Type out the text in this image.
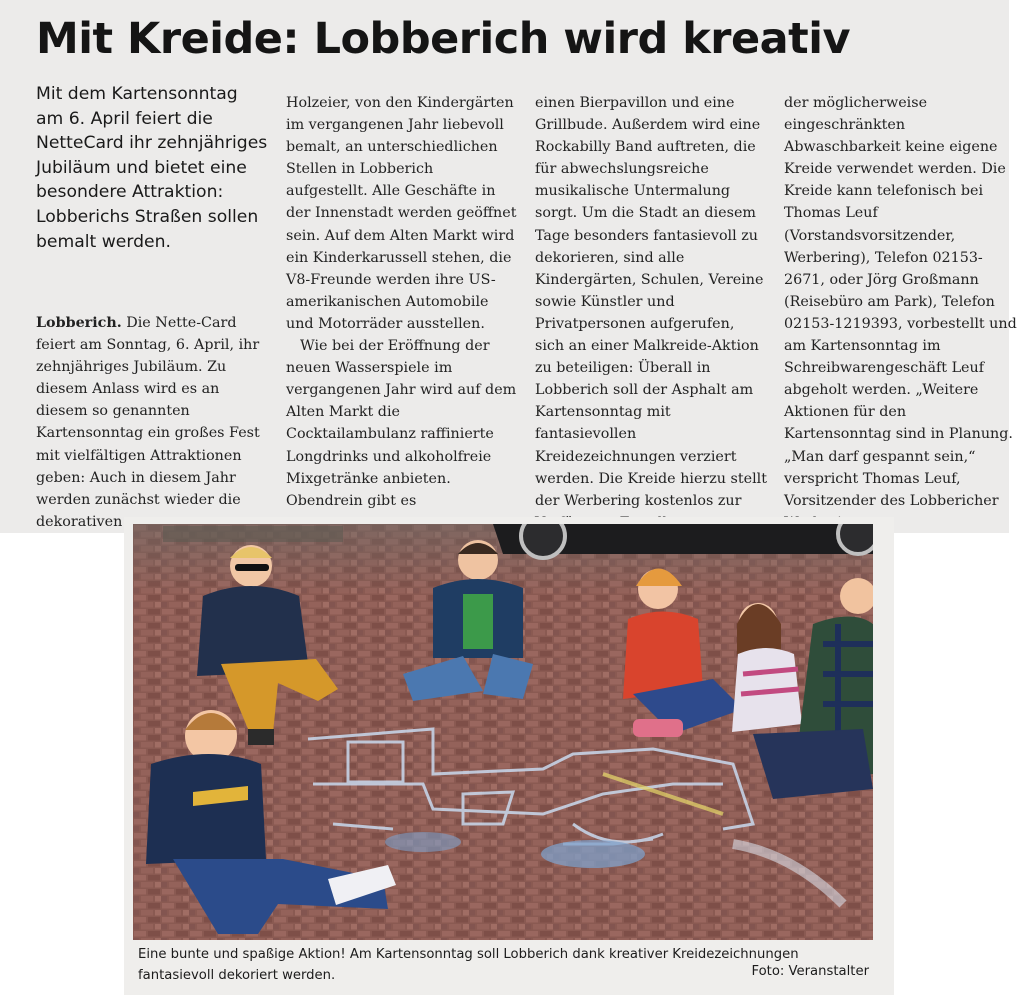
Mit Kreide: Lobberich wird kreativ
Mit dem Kartensonntag am 6. April feiert die NetteCard ihr zehnjähriges Jubiläum und bietet eine besondere Attraktion: Lobberichs Straßen sollen bemalt werden.
Lobberich. Die Nette-Card feiert am Sonntag, 6. April, ihr zehnjähriges Jubiläum. Zu diesem Anlass wird es an diesem so genannten Kartensonntag ein großes Fest mit vielfältigen Attraktionen geben: Auch in diesem Jahr werden zunächst wieder die dekorativen
Holzeier, von den Kindergärten im vergangenen Jahr liebevoll bemalt, an unterschiedlichen Stellen in Lobberich aufgestellt. Alle Geschäfte in der Innenstadt werden geöffnet sein. Auf dem Alten Markt wird ein Kinderkarussell stehen, die V8-Freunde werden ihre US-amerikanischen Automobile und Motorräder ausstellen.
Wie bei der Eröffnung der neuen Wasserspiele im vergangenen Jahr wird auf dem Alten Markt die Cocktailambulanz raffinierte Longdrinks und alkoholfreie Mixgetränke anbieten. Obendrein gibt es
einen Bierpavillon und eine Grillbude. Außerdem wird eine Rockabilly Band auftreten, die für abwechslungsreiche musikalische Untermalung sorgt. Um die Stadt an diesem Tage besonders fantasievoll zu dekorieren, sind alle Kindergärten, Schulen, Vereine sowie Künstler und Privatpersonen aufgerufen, sich an einer Malkreide-Aktion zu beteiligen: Überall in Lobberich soll der Asphalt am Kartensonntag mit fantasievollen Kreidezeichnungen verziert werden. Die Kreide hierzu stellt der Werbering kostenlos zur
der möglicherweise eingeschränkten Abwaschbarkeit keine eigene Kreide verwendet werden. Die Kreide kann telefonisch bei Thomas Leuf (Vorstandsvorsitzender, Werbering), Telefon 02153-2671, oder Jörg Großmann (Reisebüro am Park), Telefon 02153-1219393, vorbestellt und am Kartensonntag im Schreibwarengeschäft Leuf abgeholt werden. „Weitere Aktionen für den Kartensonntag sind in Planung. „Man darf gespannt sein,“ verspricht Thomas Leuf, Vorsitzender des Lobbericher
Eine bunte und spaßige Aktion! Am Kartensonntag soll Lobberich dank kreativer Kreidezeichnungen fantasievoll dekoriert werden.	Foto: Veranstalter
